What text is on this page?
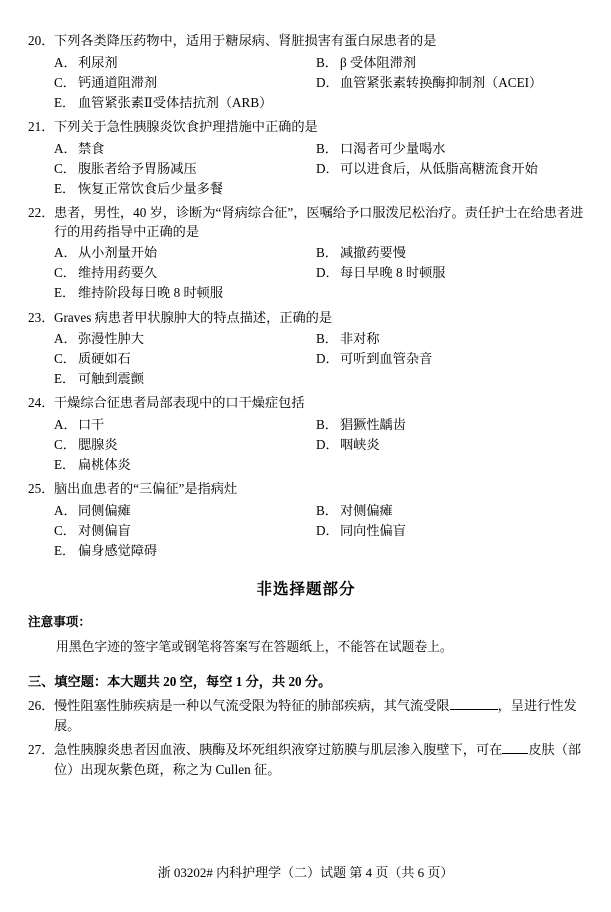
20． 下列各类降压药物中，适用于糖尿病、肾脏损害有蛋白尿患者的是
A． 利尿剂	B． β 受体阻滞剂
C． 钙通道阻滞剂	D． 血管紧张素转换酶抑制剂（ACEI）
E． 血管紧张素Ⅱ受体拮抗剂（ARB）
21． 下列关于急性胰腺炎饮食护理措施中正确的是
A． 禁食	B． 口渴者可少量喝水
C． 腹胀者给予胃肠减压	D． 可以进食后，从低脂高糖流食开始
E． 恢复正常饮食后少量多餐
22． 患者，男性，40 岁，诊断为“肾病综合征”，医嘱给予口服泼尼松治疗。责任护士在给患者进行的用药指导中正确的是
A． 从小剂量开始	B． 减撤药要慢
C． 维持用药要久	D． 每日早晚 8 时顿服
E． 维持阶段每日晚 8 时顿服
23． Graves 病患者甲状腺肿大的特点描述，正确的是
A． 弥漫性肿大	B． 非对称
C． 质硬如石	D． 可听到血管杂音
E． 可触到震颤
24． 干燥综合征患者局部表现中的口干燥症包括
A． 口干	B． 猖獗性龋齿
C． 腮腺炎	D． 咽峡炎
E． 扁桃体炎
25． 脑出血患者的“三偏征”是指病灶
A． 同侧偏瘫	B． 对侧偏瘫
C． 对侧偏盲	D． 同向性偏盲
E． 偏身感觉障碍
非选择题部分
注意事项：
用黑色字迹的签字笔或钢笔将答案写在答题纸上，不能答在试题卷上。
三、填空题：本大题共 20 空，每空 1 分，共 20 分。
26． 慢性阻塞性肺疾病是一种以气流受限为特征的肺部疾病，其气流受限	，呈进行性发展。
27． 急性胰腺炎患者因血液、胰酶及坏死组织液穿过筋膜与肌层渗入腹壁下，可在 皮肤（部位）出现灰紫色斑，称之为 Cullen 征。
浙 03202# 内科护理学（二）试题 第 4 页（共 6 页）
